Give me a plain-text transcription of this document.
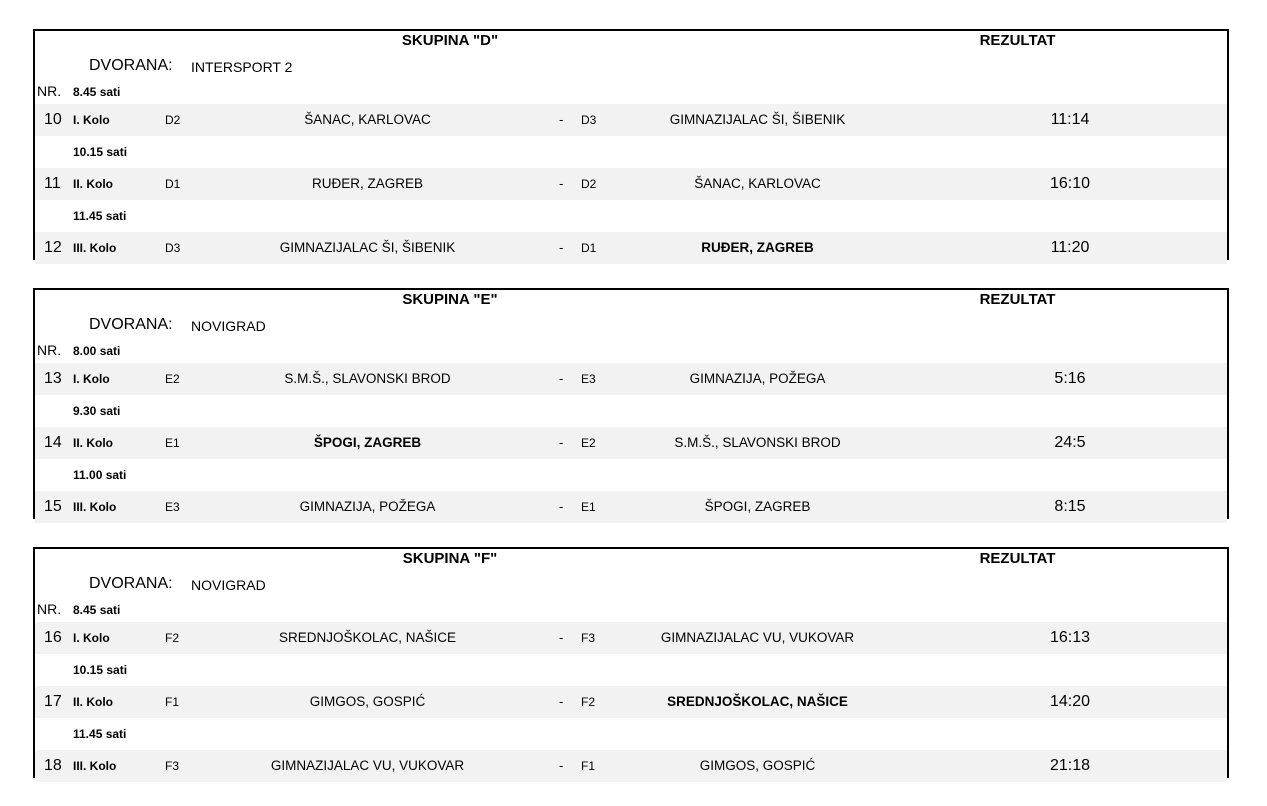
SKUPINA "D"	REZULTAT
DVORANA: INTERSPORT 2
NR. 8.45 sati
10 I. Kolo	D2	ŠANAC, KARLOVAC	- D3	GIMNAZIJALAC ŠI, ŠIBENIK	11:14
10.15 sati
11 II. Kolo	D1	RUĐER, ZAGREB	- D2	ŠANAC, KARLOVAC	16:10
11.45 sati
12 III. Kolo	D3	GIMNAZIJALAC ŠI, ŠIBENIK	- D1	RUĐER, ZAGREB	11:20
SKUPINA "E"	REZULTAT
DVORANA: NOVIGRAD
NR. 8.00 sati
13 I. Kolo	E2	S.M.Š., SLAVONSKI BROD	- E3	GIMNAZIJA, POŽEGA	5:16
9.30 sati
14 II. Kolo	E1	ŠPOGI, ZAGREB	- E2	S.M.Š., SLAVONSKI BROD	24:5
11.00 sati
15 III. Kolo	E3	GIMNAZIJA, POŽEGA	- E1	ŠPOGI, ZAGREB	8:15
SKUPINA "F"	REZULTAT
DVORANA: NOVIGRAD
NR. 8.45 sati
16 I. Kolo	F2	SREDNJOŠKOLAC, NAŠICE	- F3	GIMNAZIJALAC VU, VUKOVAR	16:13
10.15 sati
17 II. Kolo	F1	GIMGOS, GOSPIĆ	- F2	SREDNJOŠKOLAC, NAŠICE	14:20
11.45 sati
18 III. Kolo	F3	GIMNAZIJALAC VU, VUKOVAR	- F1	GIMGOS, GOSPIĆ	21:18
